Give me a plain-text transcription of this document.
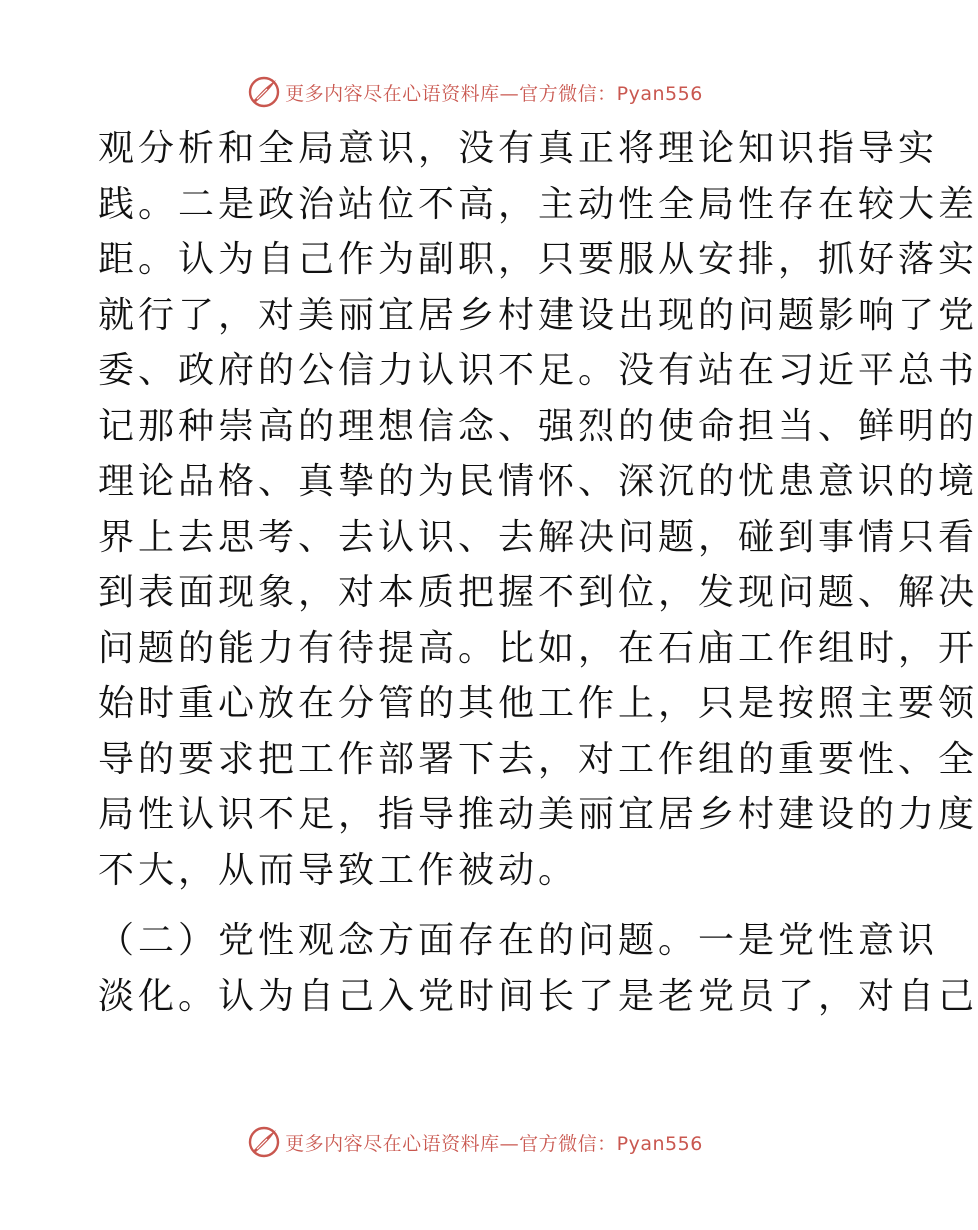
更多内容尽在心语资料库—官方微信：Pyan556

观分析和全局意识，没有真正将理论知识指导实
践。二是政治站位不高，主动性全局性存在较大差
距。认为自己作为副职，只要服从安排，抓好落实
就行了，对美丽宜居乡村建设出现的问题影响了党
委、政府的公信力认识不足。没有站在习近平总书
记那种崇高的理想信念、强烈的使命担当、鲜明的
理论品格、真挚的为民情怀、深沉的忧患意识的境
界上去思考、去认识、去解决问题，碰到事情只看
到表面现象，对本质把握不到位，发现问题、解决
问题的能力有待提高。比如，在石庙工作组时，开
始时重心放在分管的其他工作上，只是按照主要领
导的要求把工作部署下去，对工作组的重要性、全
局性认识不足，指导推动美丽宜居乡村建设的力度
不大，从而导致工作被动。

（二）党性观念方面存在的问题。一是党性意识
淡化。认为自己入党时间长了是老党员了，对自己

更多内容尽在心语资料库—官方微信：Pyan556
